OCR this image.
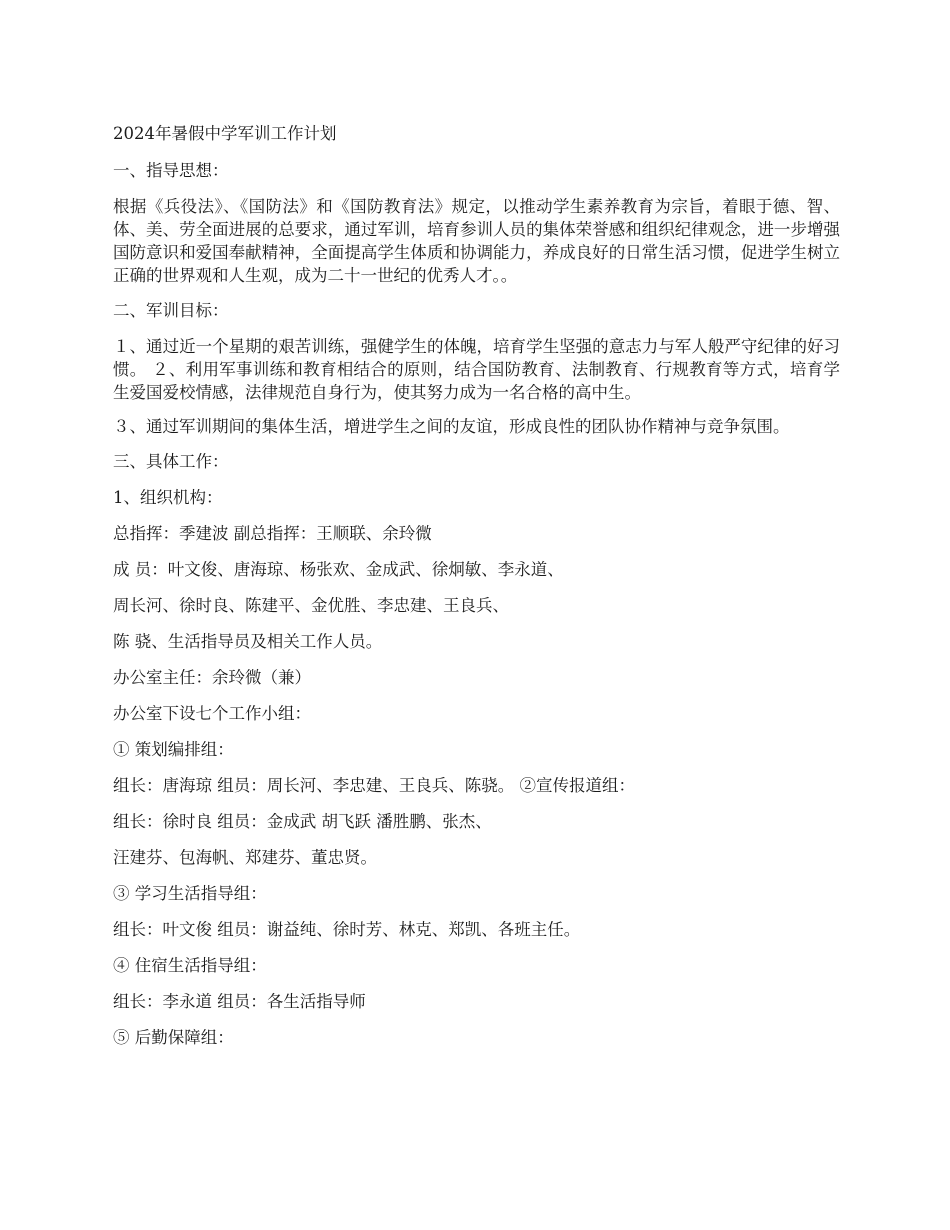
2024年暑假中学军训工作计划

一、指导思想：

根据《兵役法》、《国防法》和《国防教育法》规定，以推动学生素养教育为宗旨，着眼于德、智、体、美、劳全面进展的总要求，通过军训，培育参训人员的集体荣誉感和组织纪律观念，进一步增强国防意识和爱国奉献精神，全面提高学生体质和协调能力，养成良好的日常生活习惯，促进学生树立正确的世界观和人生观，成为二十一世纪的优秀人才。。

二、军训目标：

１、通过近一个星期的艰苦训练，强健学生的体魄，培育学生坚强的意志力与军人般严守纪律的好习惯。 ２、利用军事训练和教育相结合的原则，结合国防教育、法制教育、行规教育等方式，培育学生爱国爱校情感，法律规范自身行为，使其努力成为一名合格的高中生。

３、通过军训期间的集体生活，增进学生之间的友谊，形成良性的团队协作精神与竞争氛围。

三、具体工作：

1、组织机构：

总指挥：季建波 副总指挥：王顺联、余玲微

成 员：叶文俊、唐海琼、杨张欢、金成武、徐炯敏、李永道、

周长河、徐时良、陈建平、金优胜、李忠建、王良兵、

陈 骁、生活指导员及相关工作人员。

办公室主任：余玲微（兼）

办公室下设七个工作小组：

① 策划编排组：

组长：唐海琼 组员：周长河、李忠建、王良兵、陈骁。 ②宣传报道组：

组长：徐时良 组员：金成武 胡飞跃 潘胜鹏、张杰、

汪建芬、包海帆、郑建芬、董忠贤。

③ 学习生活指导组：

组长：叶文俊 组员：谢益纯、徐时芳、林克、郑凯、各班主任。

④ 住宿生活指导组：

组长：李永道 组员：各生活指导师

⑤ 后勤保障组：
